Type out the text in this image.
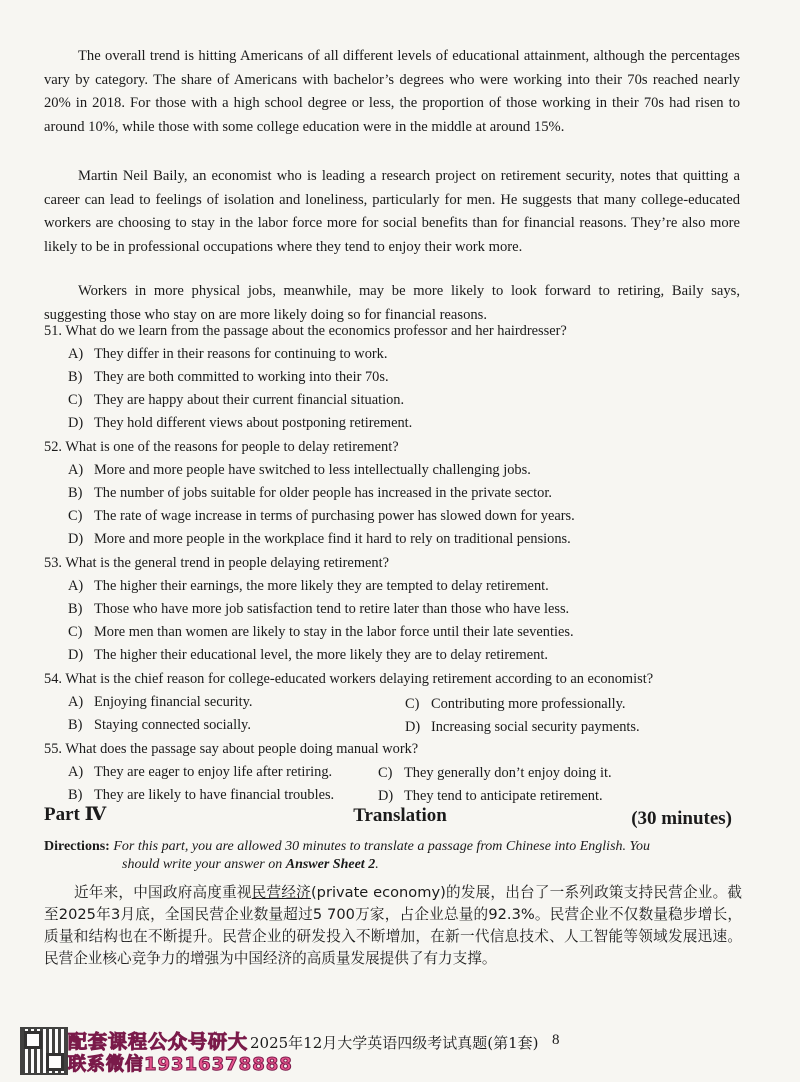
The overall trend is hitting Americans of all different levels of educational attainment, although the percentages vary by category. The share of Americans with bachelor’s degrees who were working into their 70s reached nearly 20% in 2018. For those with a high school degree or less, the proportion of those working in their 70s had risen to around 10%, while those with some college education were in the middle at around 15%.

Martin Neil Baily, an economist who is leading a research project on retirement security, notes that quitting a career can lead to feelings of isolation and loneliness, particularly for men. He suggests that many college-educated workers are choosing to stay in the labor force more for social benefits than for financial reasons. They’re also more likely to be in professional occupations where they tend to enjoy their work more.

Workers in more physical jobs, meanwhile, may be more likely to look forward to retiring, Baily says, suggesting those who stay on are more likely doing so for financial reasons.

51. What do we learn from the passage about the economics professor and her hairdresser?
A) They differ in their reasons for continuing to work.
B) They are both committed to working into their 70s.
C) They are happy about their current financial situation.
D) They hold different views about postponing retirement.
52. What is one of the reasons for people to delay retirement?
A) More and more people have switched to less intellectually challenging jobs.
B) The number of jobs suitable for older people has increased in the private sector.
C) The rate of wage increase in terms of purchasing power has slowed down for years.
D) More and more people in the workplace find it hard to rely on traditional pensions.
53. What is the general trend in people delaying retirement?
A) The higher their earnings, the more likely they are tempted to delay retirement.
B) Those who have more job satisfaction tend to retire later than those who have less.
C) More men than women are likely to stay in the labor force until their late seventies.
D) The higher their educational level, the more likely they are to delay retirement.
54. What is the chief reason for college-educated workers delaying retirement according to an economist?
A) Enjoying financial security.	C) Contributing more professionally.
B) Staying connected socially.	D) Increasing social security payments.
55. What does the passage say about people doing manual work?
A) They are eager to enjoy life after retiring.	C) They generally don’t enjoy doing it.
B) They are likely to have financial troubles.	D) They tend to anticipate retirement.
Part Ⅳ	Translation	(30 minutes)
Directions: For this part, you are allowed 30 minutes to translate a passage from Chinese into English. You
should write your answer on Answer Sheet 2.
近年来，中国政府高度重视民营经济(private economy)的发展，出台了一系列政策支持民营企业。截至2025年3月底，全国民营企业数量超过5 700万家，占企业总量的92.3%。民营企业不仅数量稳步增长，质量和结构也在不断提升。民营企业的研发投入不断增加，在新一代信息技术、人工智能等领域发展迅速。民营企业核心竞争力的增强为中国经济的高质量发展提供了有力支撑。
配套课程公众号研大
联系微信19316378888
2025年12月大学英语四级考试真题(第1套) 8
